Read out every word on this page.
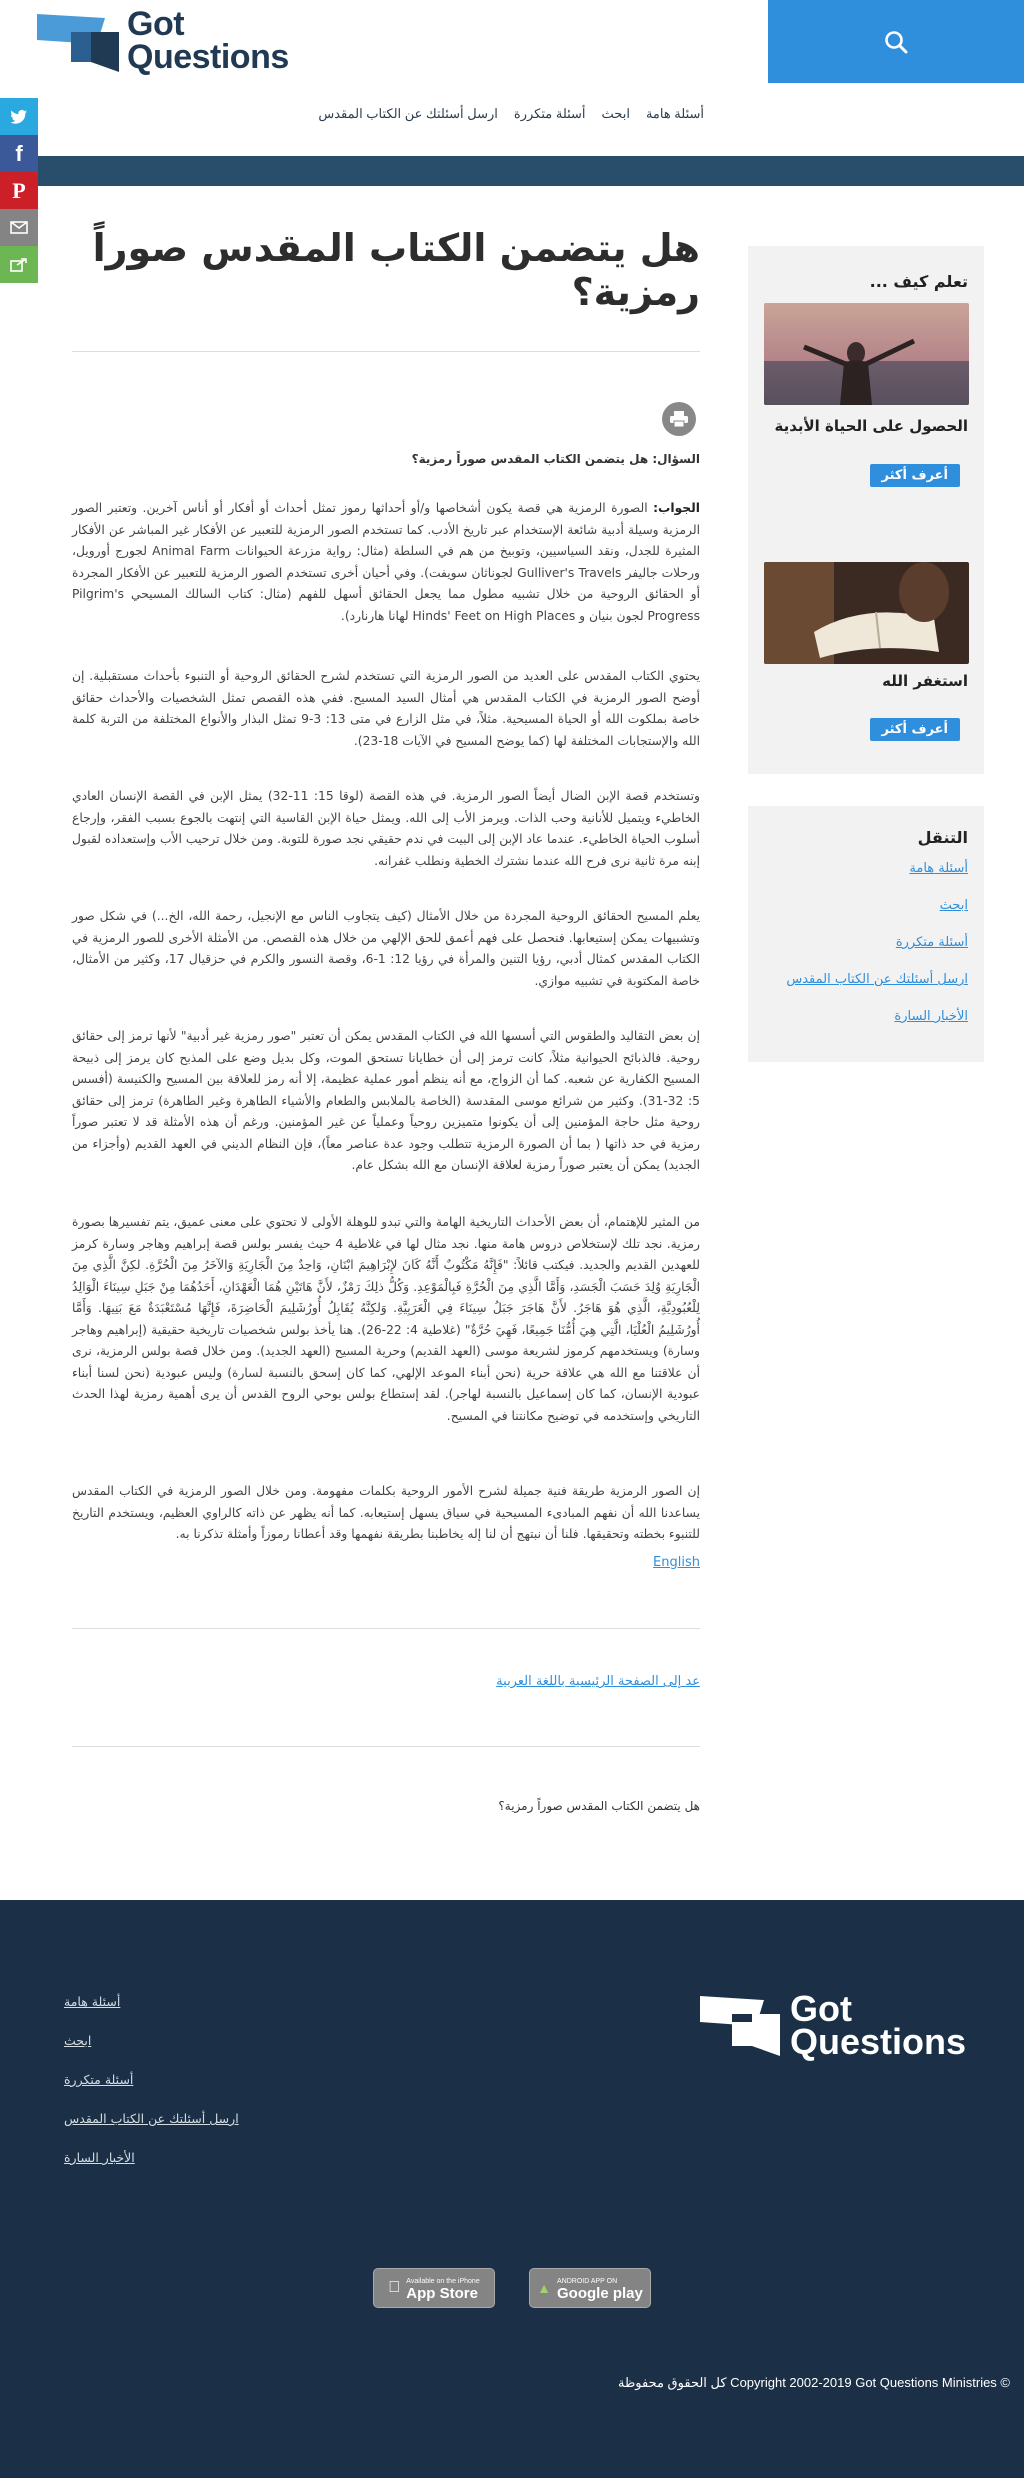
Got
Questions
أسئلة هامة
ابحث
أسئلة متكررة
ارسل أسئلتك عن الكتاب المقدس
f
P
هل يتضمن الكتاب المقدس صوراً رمزية؟
السؤال: هل يتضمن الكتاب المقدس صوراً رمزية؟

الجواب: الصورة الرمزية هي قصة يكون أشخاصها و/أو أحداثها رموز تمثل أحداث أو أفكار أو أناس آخرين. وتعتبر الصور الرمزية وسيلة أدبية شائعة الإستخدام عبر تاريخ الأدب. كما تستخدم الصور الرمزية للتعبير عن الأفكار غير المباشر عن الأفكار المثيرة للجدل، ونقد السياسيين، وتوبيخ من هم في السلطة (مثال: رواية مزرعة الحيوانات Animal Farm لجورج أورويل، ورحلات جاليفر Gulliver's Travels لجوناثان سويفت). وفي أحيان أخرى تستخدم الصور الرمزية للتعبير عن الأفكار المجردة أو الحقائق الروحية من خلال تشبيه مطول مما يجعل الحقائق أسهل للفهم (مثال: كتاب السالك المسيحي Pilgrim's Progress لجون بنيان و Hinds' Feet on High Places لهانا هارنارد).

يحتوي الكتاب المقدس على العديد من الصور الرمزية التي تستخدم لشرح الحقائق الروحية أو التنبوء بأحداث مستقبلية. إن أوضح الصور الرمزية في الكتاب المقدس هي أمثال السيد المسيح. ففي هذه القصص تمثل الشخصيات والأحداث حقائق خاصة بملكوت الله أو الحياة المسيحية. مثلاً، في مثل الزارع في متى 13: 3-9 تمثل البذار والأنواع المختلفة من التربة كلمة الله والإستجابات المختلفة لها (كما يوضح المسيح في الآيات 18-23).

وتستخدم قصة الإبن الضال أيضاً الصور الرمزية. في هذه القصة (لوقا 15: 11-32) يمثل الإبن في القصة الإنسان العادي الخاطيء ويتميل للأنانية وحب الذات. ويرمز الأب إلى الله. ويمثل حياة الإبن القاسية التي إنتهت بالجوع بسبب الفقر، وإرجاع أسلوب الحياة الخاطيء. عندما عاد الإبن إلى البيت في ندم حقيقي نجد صورة للتوبة. ومن خلال ترحيب الأب وإستعداده لقبول إبنه مرة ثانية نرى فرح الله عندما نشترك الخطية ونطلب غفرانه.

يعلم المسيح الحقائق الروحية المجردة من خلال الأمثال (كيف يتجاوب الناس مع الإنجيل، رحمة الله، الخ...) في شكل صور وتشبيهات يمكن إستيعابها. فنحصل على فهم أعمق للحق الإلهي من خلال هذه القصص. من الأمثلة الأخرى للصور الرمزية في الكتاب المقدس كمثال أدبي، رؤيا التنين والمرأة في رؤيا 12: 1-6، وقصة النسور والكرم في حزقيال 17، وكثير من الأمثال، خاصة المكتوبة في تشبيه موازي.

إن بعض التقاليد والطقوس التي أسسها الله في الكتاب المقدس يمكن أن تعتبر "صور رمزية غير أدبية" لأنها ترمز إلى حقائق روحية. فالذبائح الحيوانية مثلاً، كانت ترمز إلى أن خطايانا تستحق الموت، وكل بديل وضع على المذبح كان يرمز إلى ذبيحة المسيح الكفارية عن شعبه. كما أن الزواج، مع أنه ينظم أمور عملية عظيمة، إلا أنه رمز للعلاقة بين المسيح والكنيسة (أفسس 5: 32-31). وكثير من شرائع موسى المقدسة (الخاصة بالملابس والطعام والأشياء الطاهرة وغير الطاهرة) ترمز إلى حقائق روحية مثل حاجة المؤمنين إلى أن يكونوا متميزين روحياً وعملياً عن غير المؤمنين. ورغم أن هذه الأمثلة قد لا تعتبر صوراً رمزية في حد ذاتها ( بما أن الصورة الرمزية تتطلب وجود عدة عناصر معاً)، فإن النظام الديني في العهد القديم (وأجزاء من الجديد) يمكن أن يعتبر صوراً رمزية لعلاقة الإنسان مع الله بشكل عام.

من المثير للإهتمام، أن بعض الأحداث التاريخية الهامة والتي تبدو للوهلة الأولى لا تحتوي على معنى عميق، يتم تفسيرها بصورة رمزية. نجد تلك لإستخلاص دروس هامة منها. نجد مثال لها في غلاطية 4 حيث يفسر بولس قصة إبراهيم وهاجر وسارة كرمز للعهدين القديم والجديد. فيكتب قائلاً: "فَإِنَّهُ مَكْتُوبٌ أَنَّهُ كَانَ لإِبْرَاهِيمَ ابْنَانِ، وَاحِدٌ مِنَ الْجَارِيَةِ وَالآخَرُ مِنَ الْحُرَّةِ. لكِنَّ الَّذِي مِنَ الْجَارِيَةِ وُلِدَ حَسَبَ الْجَسَدِ، وَأَمَّا الَّذِي مِنَ الْحُرَّةِ فَبِالْمَوْعِدِ. وَكُلُّ ذلِكَ رَمْزٌ، لأَنَّ هَاتَيْنِ هُمَا الْعَهْدَانِ، أَحَدُهُمَا مِنْ جَبَلِ سِينَاءَ الْوَالِدُ لِلْعُبُودِيَّةِ، الَّذِي هُوَ هَاجَرُ. لأَنَّ هَاجَرَ جَبَلُ سِينَاءَ فِي الْعَرَبِيَّةِ. وَلكِنَّهُ يُقَابِلُ أُورُشَلِيمَ الْحَاضِرَةَ، فَإِنَّهَا مُسْتَعْبَدَةٌ مَعَ بَنِيهَا. وَأَمَّا أُورُشَلِيمُ الْعُلْيَا، الَّتِي هِيَ أُمُّنَا جَمِيعًا، فَهِيَ حُرَّةٌ" (غلاطية 4: 22-26). هنا يأخذ بولس شخصيات تاريخية حقيقية (إبراهيم وهاجر وسارة) ويستخدمهم كرموز لشريعة موسى (العهد القديم) وحرية المسيح (العهد الجديد). ومن خلال قصة بولس الرمزية، نرى أن علاقتنا مع الله هي علاقة حرية (نحن أبناء الموعد الإلهي، كما كان إسحق بالنسبة لسارة) وليس عبودية (نحن لسنا أبناء عبودية الإنسان، كما كان إسماعيل بالنسبة لهاجر). لقد إستطاع بولس بوحي الروح القدس أن يرى أهمية رمزية لهذا الحدث التاريخي وإستخدمه في توضيح مكانتنا في المسيح.

إن الصور الرمزية طريقة فنية جميلة لشرح الأمور الروحية بكلمات مفهومة. ومن خلال الصور الرمزية في الكتاب المقدس يساعدنا الله أن نفهم المبادىء المسيحية في سياق يسهل إستيعابه. كما أنه يظهر عن ذاته كالراوي العظيم، ويستخدم التاريخ للتنبوء بخطته وتحقيقها. فلنا أن نبتهج أن لنا إله يخاطبنا بطريقة نفهمها وقد أعطانا رموزاً وأمثلة تذكرنا به.

English
عد إلى الصفحة الرئيسية باللغة العربية
هل يتضمن الكتاب المقدس صوراً رمزية؟
تعلم كيف ...
الحصول على الحياة الأبدية
أعرف أكثر
استغفر الله
أعرف أكثر
التنقل
أسئلة هامة
ابحث
أسئلة متكررة
ارسل أسئلتك عن الكتاب المقدس
الأخبار السارة
أسئلة هامة
ابحث
أسئلة متكررة
ارسل أسئلتك عن الكتاب المقدس
الأخبار السارة
Got
Questions
Available on the iPhone
App Store	▲ ANDROID APP ON
Google play
كل الحقوق محفوظة Copyright 2002-2019 Got Questions Ministries ©
